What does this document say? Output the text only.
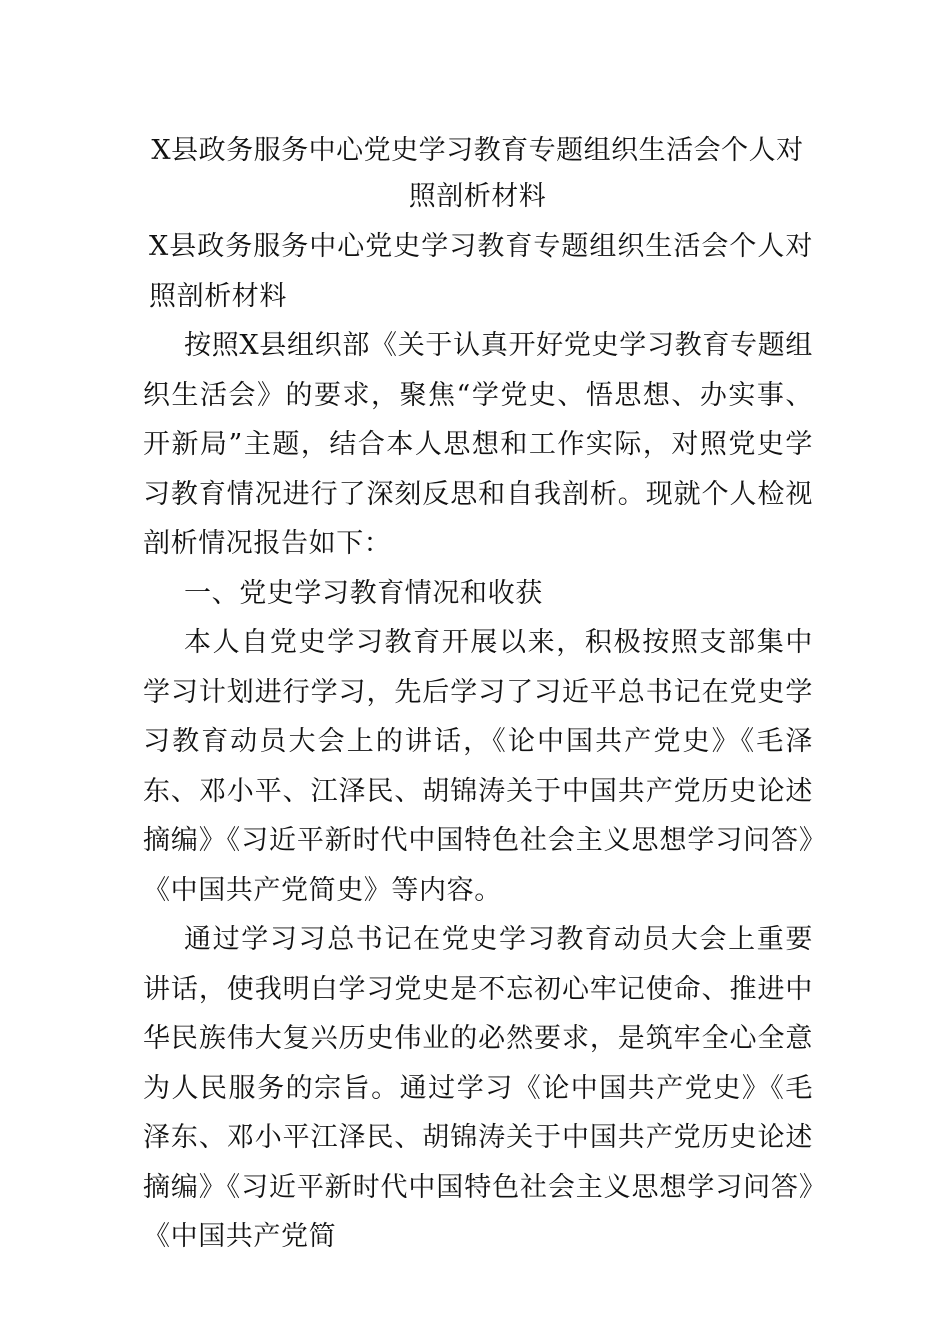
X县政务服务中心党史学习教育专题组织生活会个人对照剖析材料

X县政务服务中心党史学习教育专题组织生活会个人对照剖析材料

按照X县组织部《关于认真开好党史学习教育专题组织生活会》的要求，聚焦“学党史、悟思想、办实事、开新局”主题，结合本人思想和工作实际，对照党史学习教育情况进行了深刻反思和自我剖析。现就个人检视剖析情况报告如下：

一、党史学习教育情况和收获

本人自党史学习教育开展以来，积极按照支部集中学习计划进行学习，先后学习了习近平总书记在党史学习教育动员大会上的讲话，《论中国共产党史》《毛泽东、邓小平、江泽民、胡锦涛关于中国共产党历史论述摘编》《习近平新时代中国特色社会主义思想学习问答》《中国共产党简史》等内容。

通过学习习总书记在党史学习教育动员大会上重要讲话，使我明白学习党史是不忘初心牢记使命、推进中华民族伟大复兴历史伟业的必然要求，是筑牢全心全意为人民服务的宗旨。通过学习《论中国共产党史》《毛泽东、邓小平江泽民、胡锦涛关于中国共产党历史论述摘编》《习近平新时代中国特色社会主义思想学习问答》《中国共产党简
